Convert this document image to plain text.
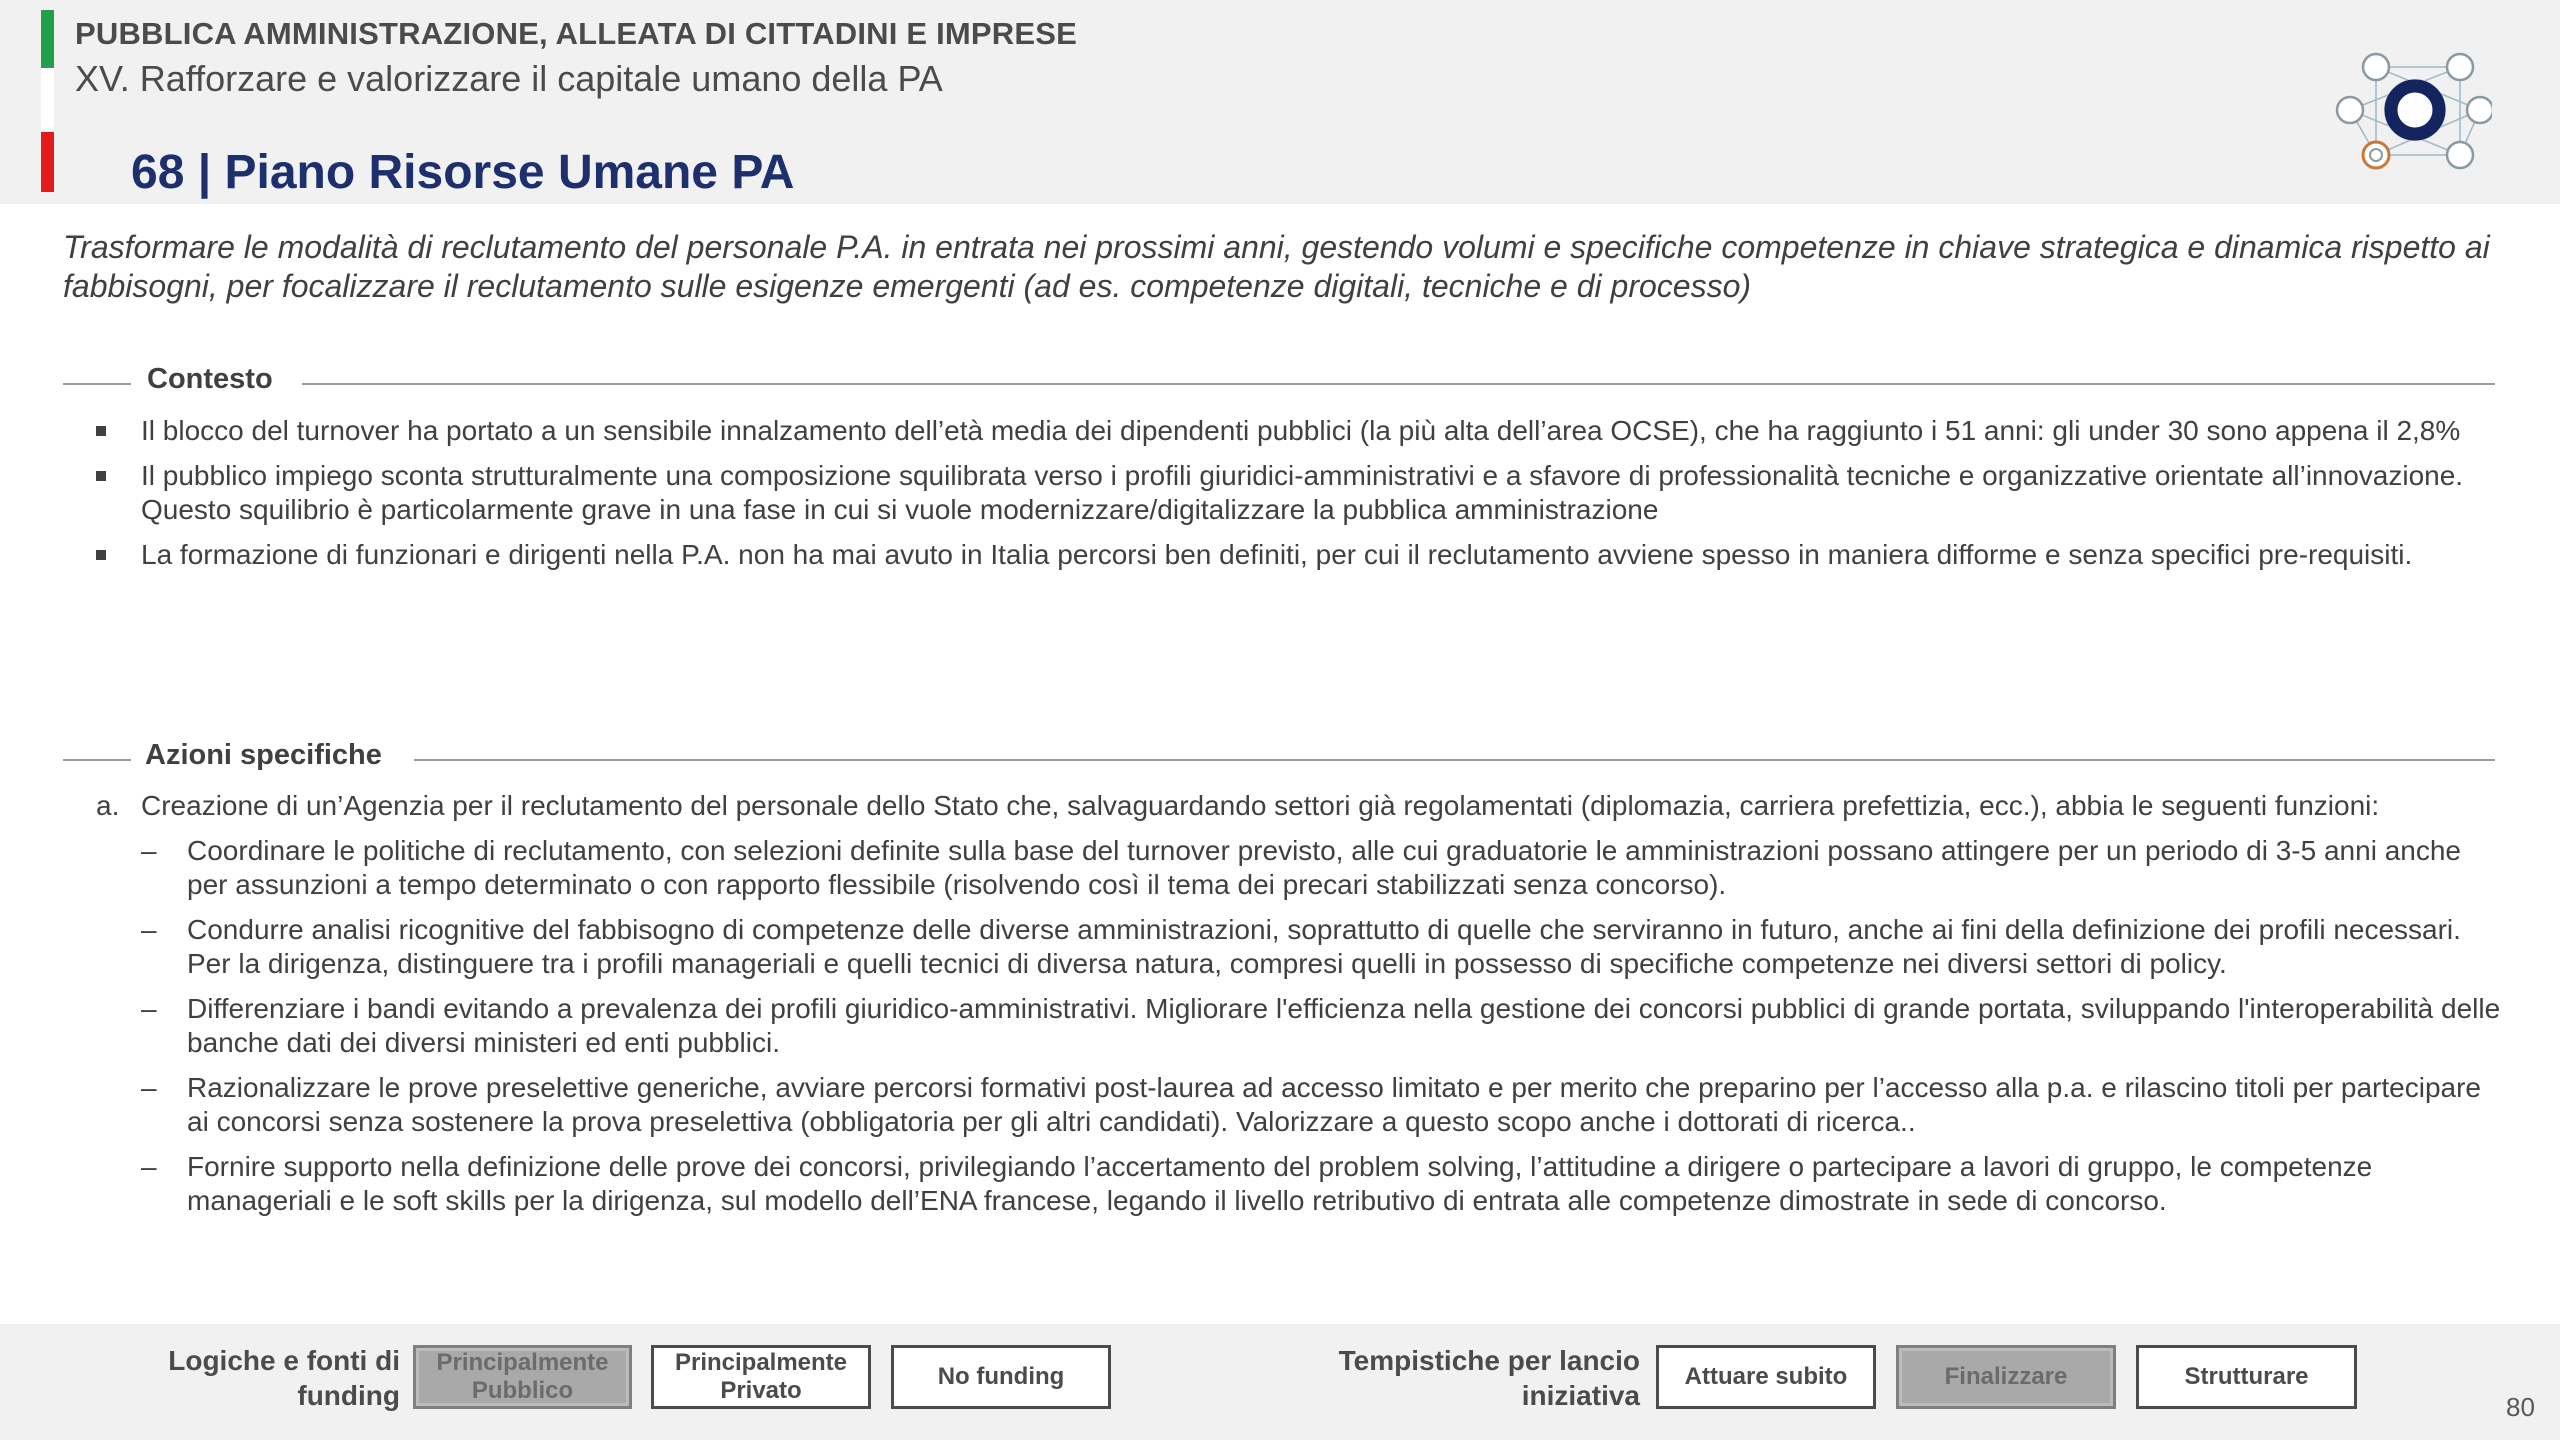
PUBBLICA AMMINISTRAZIONE, ALLEATA DI CITTADINI E IMPRESE
XV. Rafforzare e valorizzare il capitale umano della PA
68 | Piano Risorse Umane PA
Trasformare le modalità di reclutamento del personale P.A. in entrata nei prossimi anni, gestendo volumi e specifiche competenze in chiave strategica e dinamica rispetto ai fabbisogni, per focalizzare il reclutamento sulle esigenze emergenti (ad es. competenze digitali, tecniche e di processo)
Contesto
Il blocco del turnover ha portato a un sensibile innalzamento dell’età media dei dipendenti pubblici (la più alta dell’area OCSE), che ha raggiunto i 51 anni: gli under 30 sono appena il 2,8%
Il pubblico impiego sconta strutturalmente una composizione squilibrata verso i profili giuridici-amministrativi e a sfavore di professionalità tecniche e organizzative orientate all’innovazione. Questo squilibrio è particolarmente grave in una fase in cui si vuole modernizzare/digitalizzare la pubblica amministrazione
La formazione di funzionari e dirigenti nella P.A. non ha mai avuto in Italia percorsi ben definiti, per cui il reclutamento avviene spesso in maniera difforme e senza specifici pre-requisiti.
Azioni specifiche
a. Creazione di un’Agenzia per il reclutamento del personale dello Stato che, salvaguardando settori già regolamentati (diplomazia, carriera prefettizia, ecc.), abbia le seguenti funzioni:
– Coordinare le politiche di reclutamento, con selezioni definite sulla base del turnover previsto, alle cui graduatorie le amministrazioni possano attingere per un periodo di 3-5 anni anche per assunzioni a tempo determinato o con rapporto flessibile (risolvendo così il tema dei precari stabilizzati senza concorso).
– Condurre analisi ricognitive del fabbisogno di competenze delle diverse amministrazioni, soprattutto di quelle che serviranno in futuro, anche ai fini della definizione dei profili necessari. Per la dirigenza, distinguere tra i profili manageriali e quelli tecnici di diversa natura, compresi quelli in possesso di specifiche competenze nei diversi settori di policy.
– Differenziare i bandi evitando a prevalenza dei profili giuridico-amministrativi. Migliorare l'efficienza nella gestione dei concorsi pubblici di grande portata, sviluppando l'interoperabilità delle banche dati dei diversi ministeri ed enti pubblici.
– Razionalizzare le prove preselettive generiche, avviare percorsi formativi post-laurea ad accesso limitato e per merito che preparino per l’accesso alla p.a. e rilascino titoli per partecipare ai concorsi senza sostenere la prova preselettiva (obbligatoria per gli altri candidati). Valorizzare a questo scopo anche i dottorati di ricerca..
– Fornire supporto nella definizione delle prove dei concorsi, privilegiando l’accertamento del problem solving, l’attitudine a dirigere o partecipare a lavori di gruppo, le competenze manageriali e le soft skills per la dirigenza, sul modello dell’ENA francese, legando il livello retributivo di entrata alle competenze dimostrate in sede di concorso.
Logiche e fonti di
funding
Principalmente
Pubblico
Principalmente
Privato
No funding
Tempistiche per lancio
iniziativa
Attuare subito	Finalizzare	Strutturare
80
